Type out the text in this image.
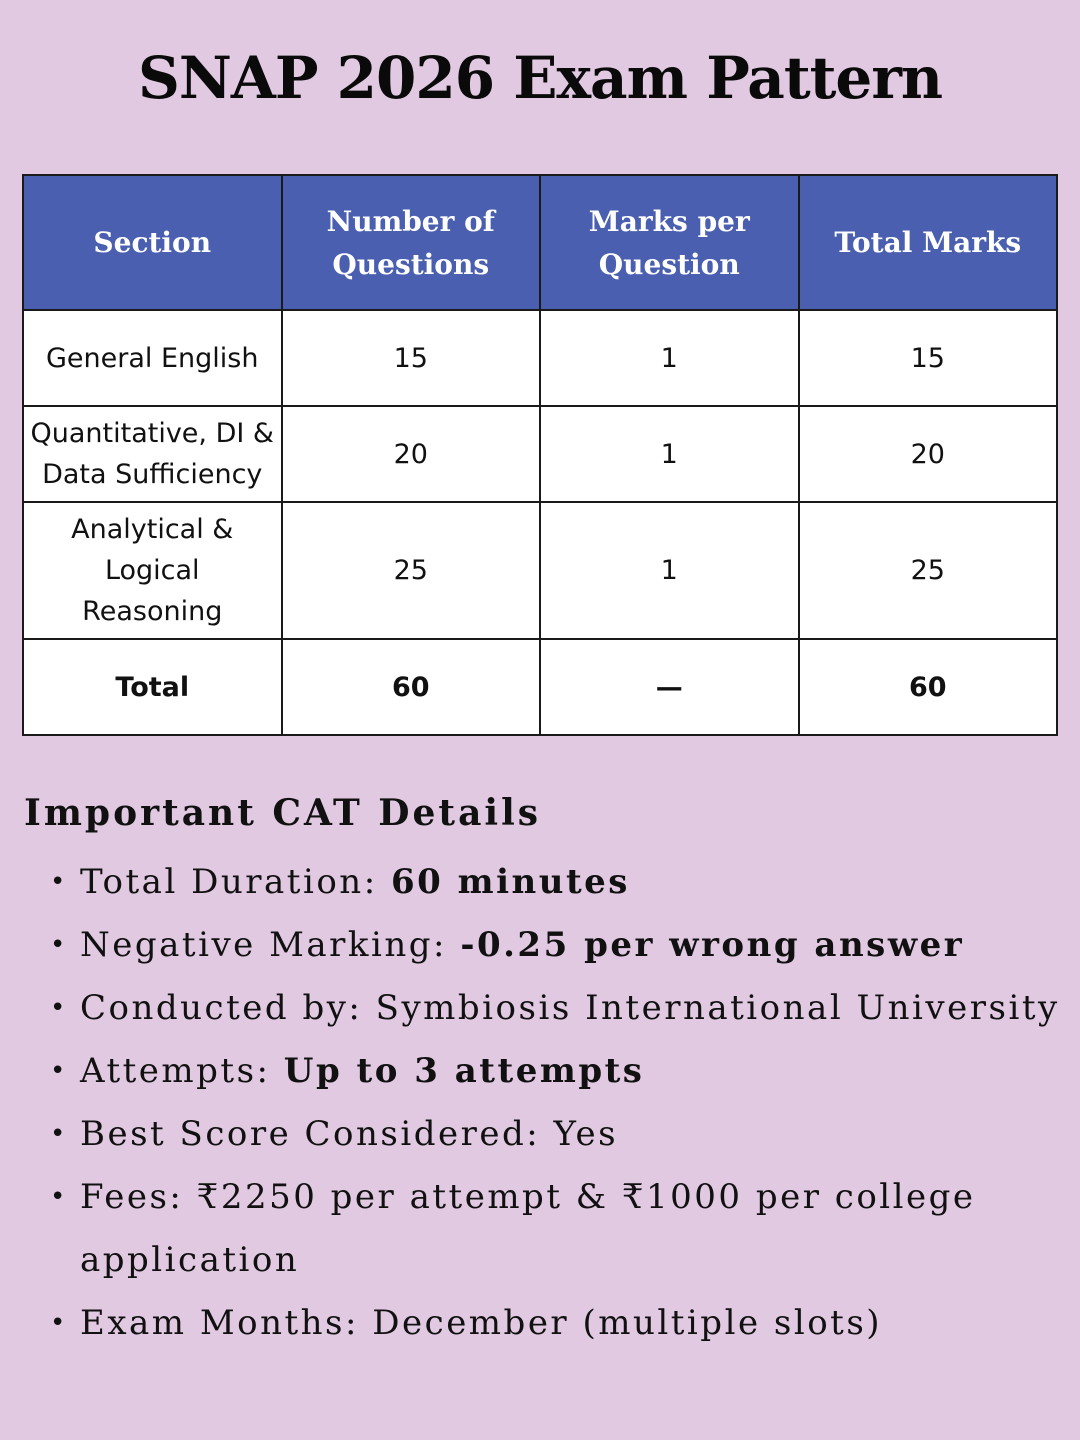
SNAP 2026 Exam Pattern
Section	Number of Questions	Marks per Question	Total Marks
General English	15	1	15
Quantitative, DI & Data Sufficiency	20	1	20
Analytical & Logical Reasoning	25	1	25
Total	60	—	60
Important CAT Details
• Total Duration: 60 minutes
• Negative Marking: -0.25 per wrong answer
• Conducted by: Symbiosis International University
• Attempts: Up to 3 attempts
• Best Score Considered: Yes
• Fees: ₹2250 per attempt & ₹1000 per college application
• Exam Months: December (multiple slots)
